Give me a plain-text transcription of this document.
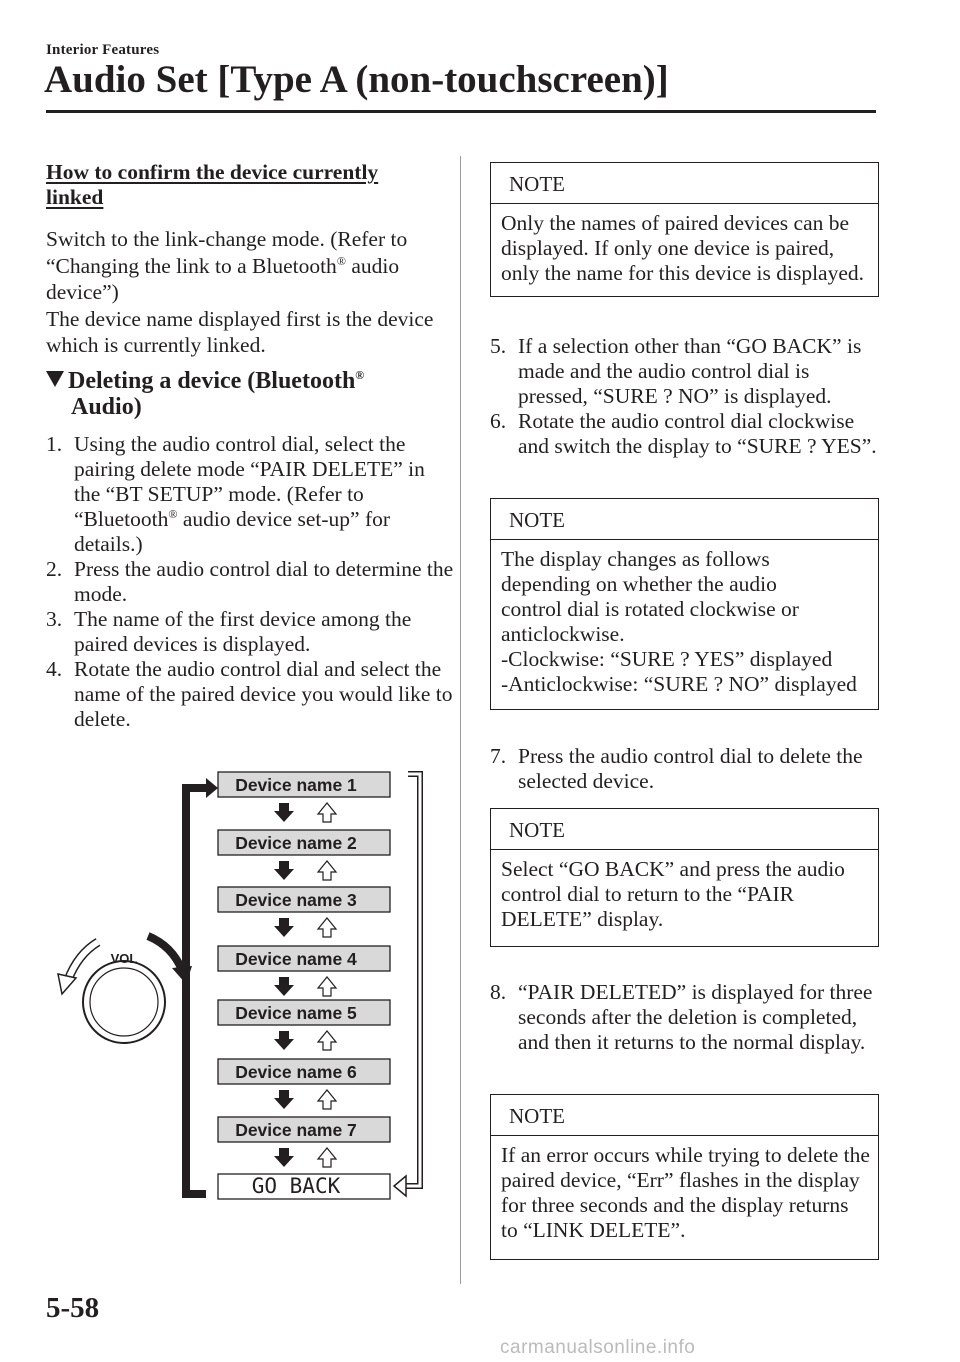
Interior Features
Audio Set [Type A (non-touchscreen)]
How to confirm the device currently linked

Switch to the link-change mode. (Refer to “Changing the link to a Bluetooth® audio device”)

The device name displayed first is the device which is currently linked.

Deleting a device (Bluetooth®
Audio)
1. Using the audio control dial, select the pairing delete mode “PAIR DELETE” in the “BT SETUP” mode. (Refer to “Bluetooth® audio device set-up” for details.)
2. Press the audio control dial to determine the mode.
3. The name of the first device among the paired devices is displayed.
4. Rotate the audio control dial and select the name of the paired device you would like to delete.
VOL
Device name 1
Device name 2
Device name 3
Device name 4
Device name 5
Device name 6
Device name 7
GO BACK
NOTE
Only the names of paired devices can be displayed. If only one device is paired, only the name for this device is displayed.
5. If a selection other than “GO BACK” is made and the audio control dial is pressed, “SURE ? NO” is displayed.
6. Rotate the audio control dial clockwise and switch the display to “SURE ? YES”.
NOTE
The display changes as follows
depending on whether the audio
control dial is rotated clockwise or
anticlockwise.
-Clockwise: “SURE ? YES” displayed
-Anticlockwise: “SURE ? NO” displayed
7. Press the audio control dial to delete the selected device.
NOTE
Select “GO BACK” and press the audio control dial to return to the “PAIR DELETE” display.
8. “PAIR DELETED” is displayed for three seconds after the deletion is completed, and then it returns to the normal display.
NOTE
If an error occurs while trying to delete the paired device, “Err” flashes in the display for three seconds and the display returns to “LINK DELETE”.
5-58
carmanualsonline.info
